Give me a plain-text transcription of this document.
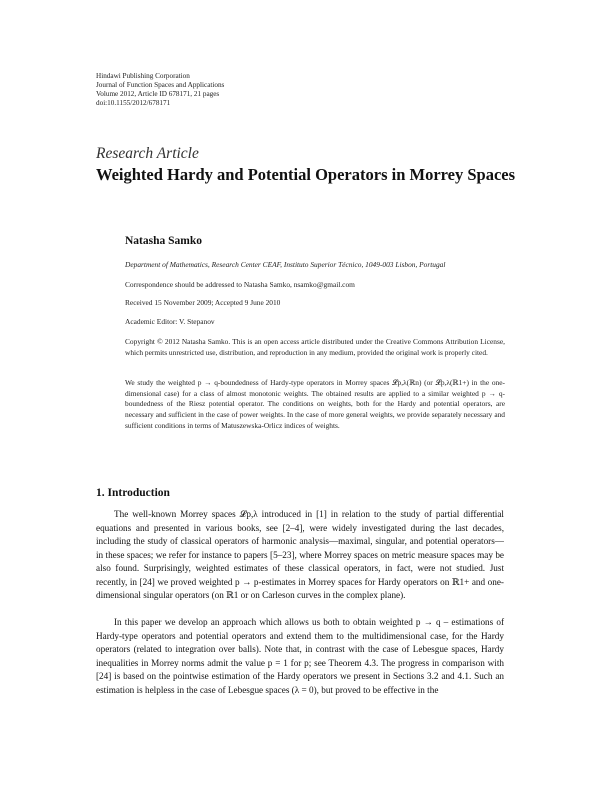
Hindawi Publishing Corporation
Journal of Function Spaces and Applications
Volume 2012, Article ID 678171, 21 pages
doi:10.1155/2012/678171
Research Article
Weighted Hardy and Potential Operators in Morrey Spaces
Natasha Samko
Department of Mathematics, Research Center CEAF, Instituto Superior Técnico, 1049-003 Lisbon, Portugal
Correspondence should be addressed to Natasha Samko, nsamko@gmail.com
Received 15 November 2009; Accepted 9 June 2010
Academic Editor: V. Stepanov
Copyright © 2012 Natasha Samko. This is an open access article distributed under the Creative Commons Attribution License, which permits unrestricted use, distribution, and reproduction in any medium, provided the original work is properly cited.
We study the weighted p → q-boundedness of Hardy-type operators in Morrey spaces 𝓛p,λ(ℝn) (or 𝓛p,λ(ℝ1+) in the one-dimensional case) for a class of almost monotonic weights. The obtained results are applied to a similar weighted p → q-boundedness of the Riesz potential operator. The conditions on weights, both for the Hardy and potential operators, are necessary and sufficient in the case of power weights. In the case of more general weights, we provide separately necessary and sufficient conditions in terms of Matuszewska-Orlicz indices of weights.
1. Introduction
The well-known Morrey spaces 𝓛p,λ introduced in [1] in relation to the study of partial differential equations and presented in various books, see [2–4], were widely investigated during the last decades, including the study of classical operators of harmonic analysis—maximal, singular, and potential operators—in these spaces; we refer for instance to papers [5–23], where Morrey spaces on metric measure spaces may be also found. Surprisingly, weighted estimates of these classical operators, in fact, were not studied. Just recently, in [24] we proved weighted p → p-estimates in Morrey spaces for Hardy operators on ℝ1+ and one-dimensional singular operators (on ℝ1 or on Carleson curves in the complex plane).
In this paper we develop an approach which allows us both to obtain weighted p → q – estimations of Hardy-type operators and potential operators and extend them to the multidimensional case, for the Hardy operators (related to integration over balls). Note that, in contrast with the case of Lebesgue spaces, Hardy inequalities in Morrey norms admit the value p = 1 for p; see Theorem 4.3. The progress in comparison with [24] is based on the pointwise estimation of the Hardy operators we present in Sections 3.2 and 4.1. Such an estimation is helpless in the case of Lebesgue spaces (λ = 0), but proved to be effective in the
